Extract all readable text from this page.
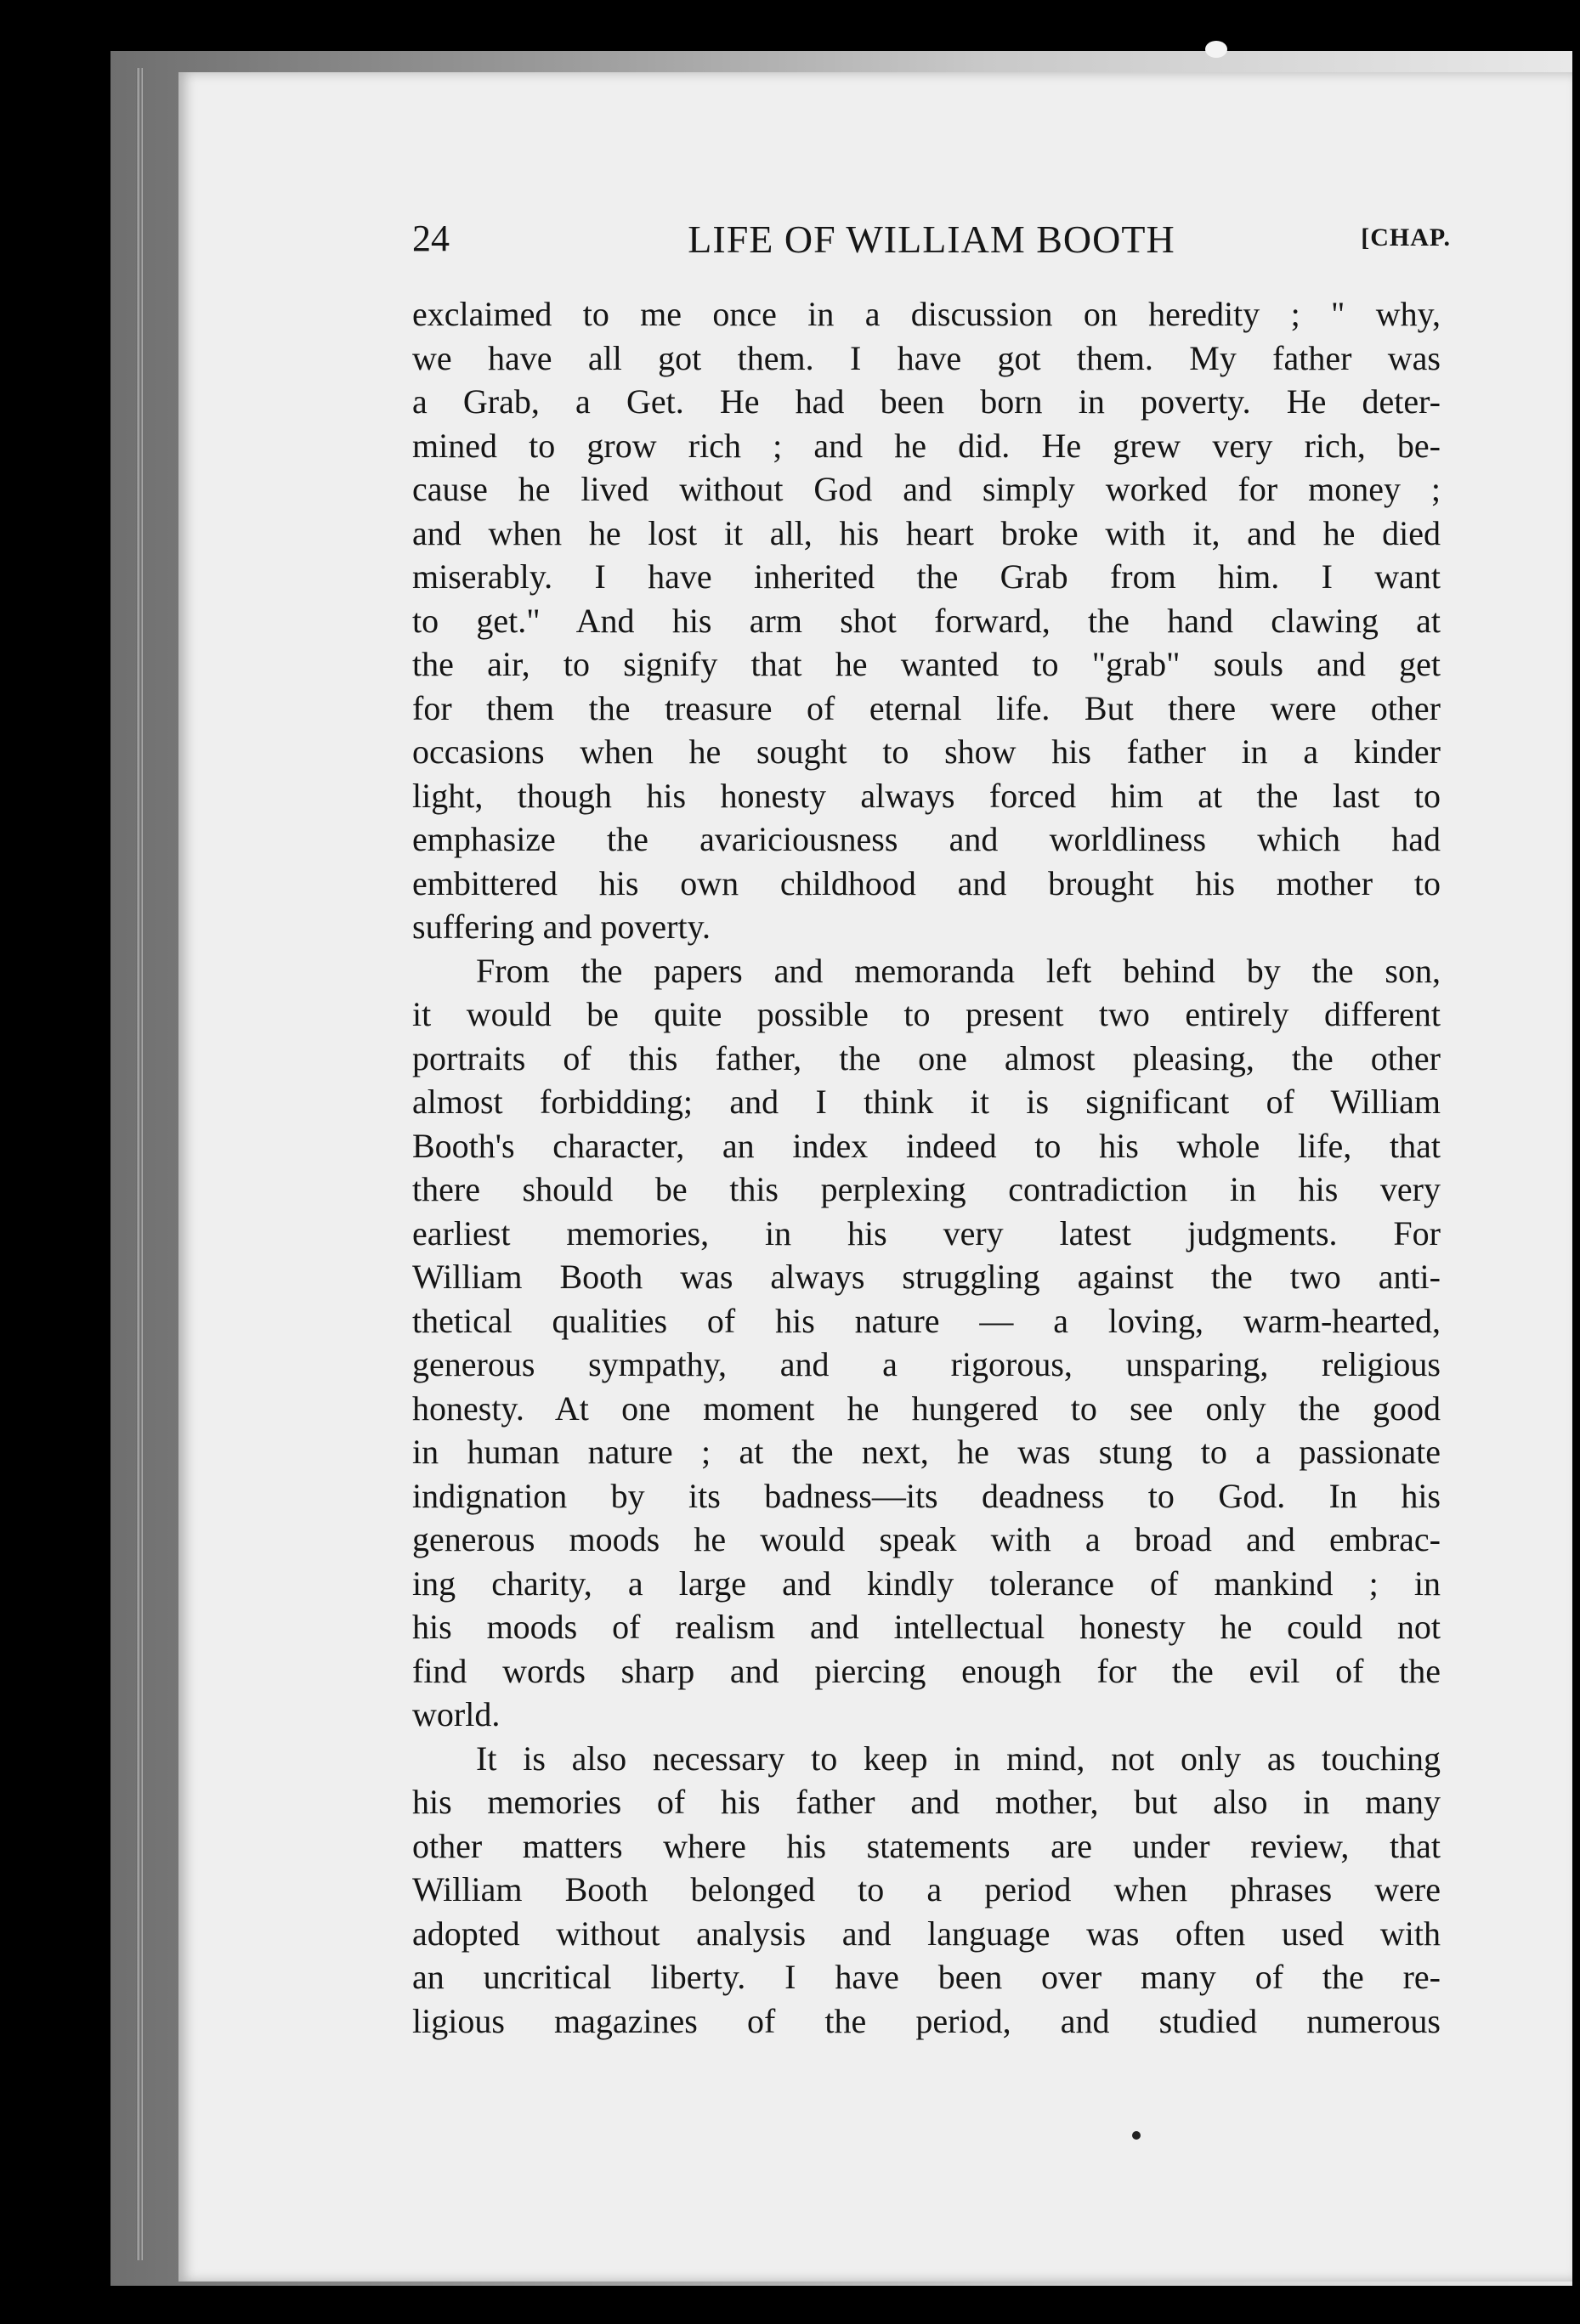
24	LIFE OF WILLIAM BOOTH	[CHAP.
exclaimed to me once in a discussion on heredity ; " why,
we have all got them. I have got them. My father was
a Grab, a Get. He had been born in poverty. He deter-
mined to grow rich ; and he did. He grew very rich, be-
cause he lived without God and simply worked for money ;
and when he lost it all, his heart broke with it, and he died
miserably. I have inherited the Grab from him. I want
to get." And his arm shot forward, the hand clawing at
the air, to signify that he wanted to "grab" souls and get
for them the treasure of eternal life. But there were other
occasions when he sought to show his father in a kinder
light, though his honesty always forced him at the last to
emphasize the avariciousness and worldliness which had
embittered his own childhood and brought his mother to
suffering and poverty.
From the papers and memoranda left behind by the son,
it would be quite possible to present two entirely different
portraits of this father, the one almost pleasing, the other
almost forbidding; and I think it is significant of William
Booth's character, an index indeed to his whole life, that
there should be this perplexing contradiction in his very
earliest memories, in his very latest judgments. For
William Booth was always struggling against the two anti-
thetical qualities of his nature — a loving, warm-hearted,
generous sympathy, and a rigorous, unsparing, religious
honesty. At one moment he hungered to see only the good
in human nature ; at the next, he was stung to a passionate
indignation by its badness—its deadness to God. In his
generous moods he would speak with a broad and embrac-
ing charity, a large and kindly tolerance of mankind ; in
his moods of realism and intellectual honesty he could not
find words sharp and piercing enough for the evil of the
world.
It is also necessary to keep in mind, not only as touching
his memories of his father and mother, but also in many
other matters where his statements are under review, that
William Booth belonged to a period when phrases were
adopted without analysis and language was often used with
an uncritical liberty. I have been over many of the re-
ligious magazines of the period, and studied numerous
